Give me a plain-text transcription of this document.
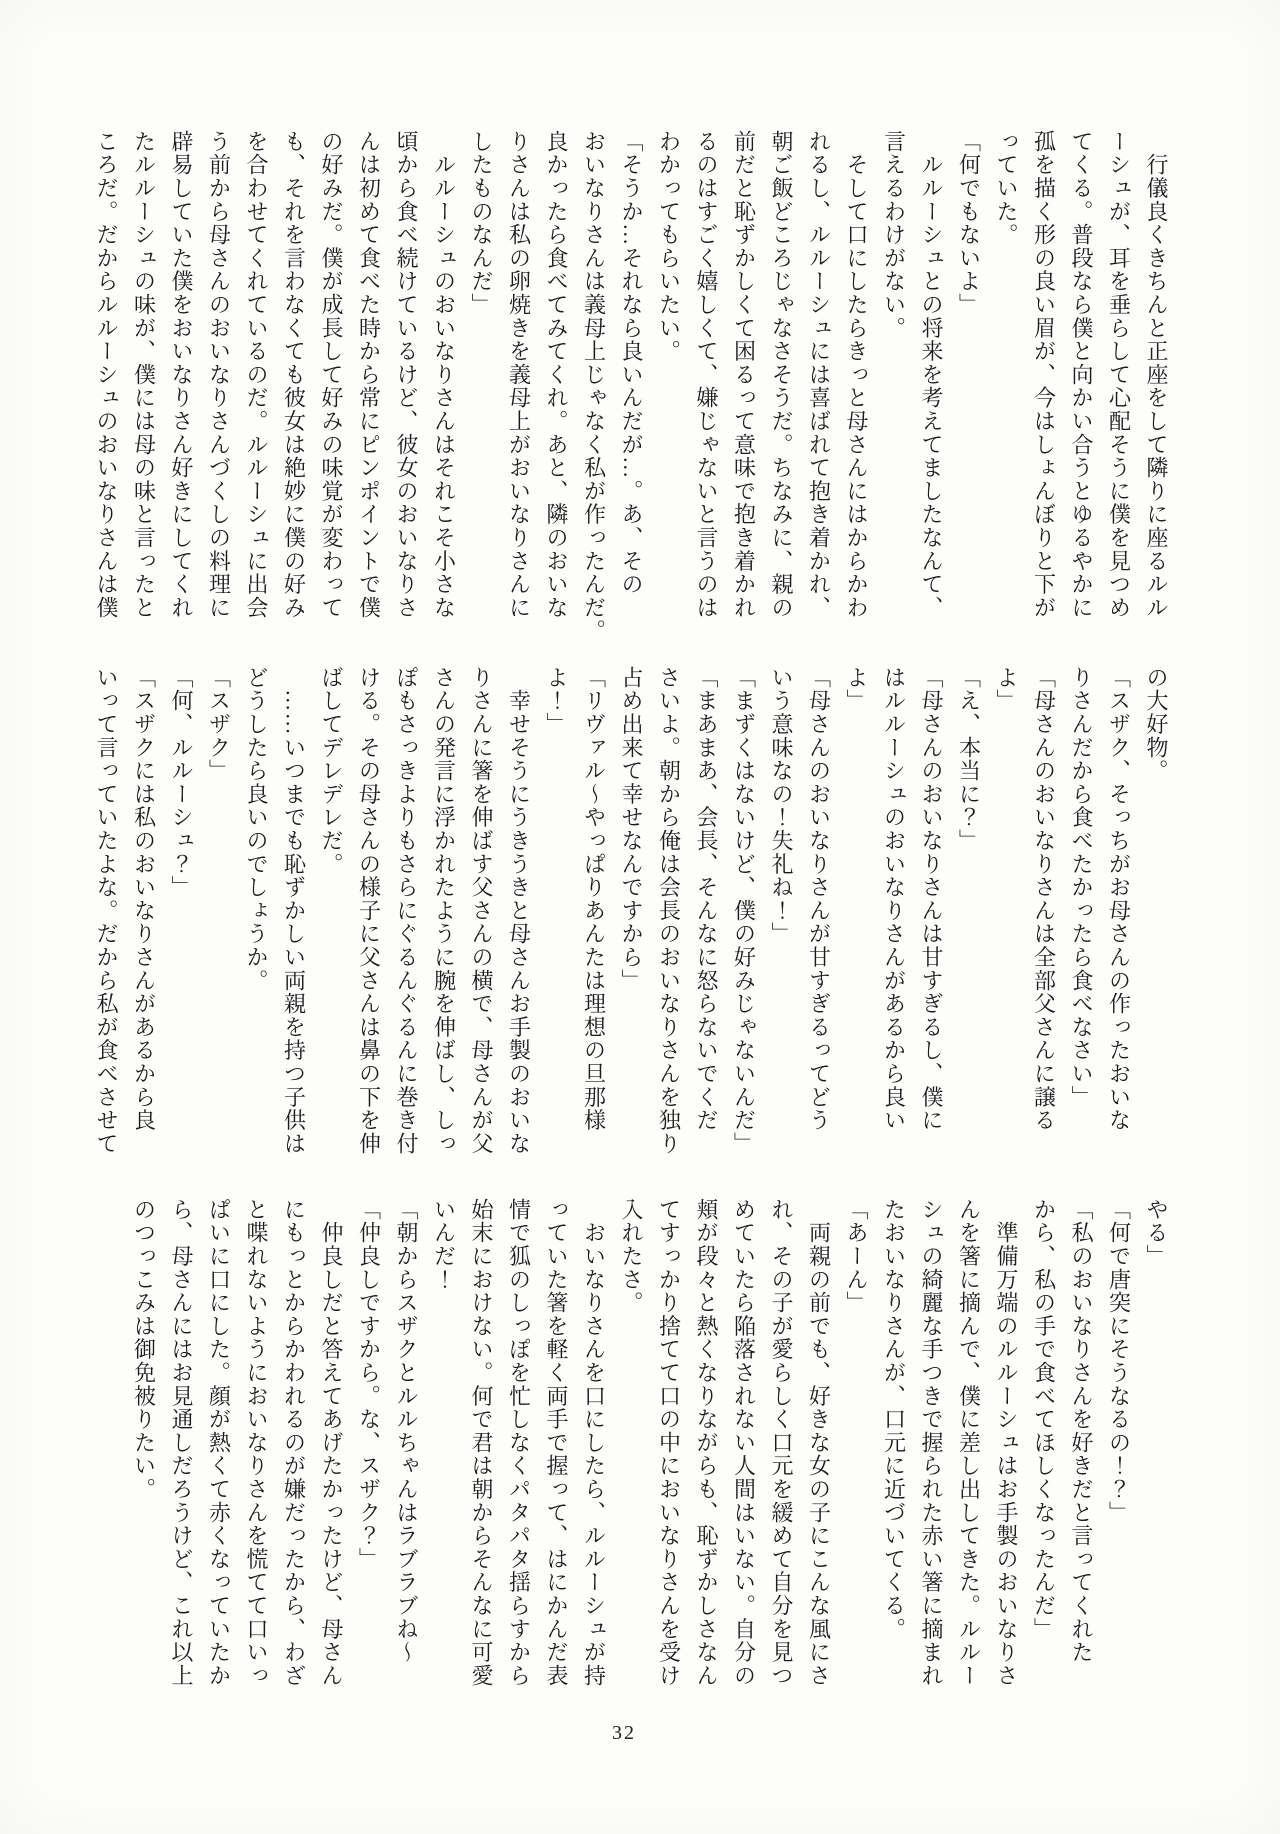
　行儀良くきちんと正座をして隣りに座るルル

ーシュが、耳を垂らして心配そうに僕を見つめ

てくる。普段なら僕と向かい合うとゆるやかに

孤を描く形の良い眉が、今はしょんぼりと下が

っていた。

「何でもないよ」

　ルルーシュとの将来を考えてましたなんて、

言えるわけがない。

　そして口にしたらきっと母さんにはからかわ

れるし、ルルーシュには喜ばれて抱き着かれ、

朝ご飯どころじゃなさそうだ。ちなみに、親の

前だと恥ずかしくて困るって意味で抱き着かれ

るのはすごく嬉しくて、嫌じゃないと言うのは

わかってもらいたい。

「そうか…それなら良いんだが…。あ、その

おいなりさんは義母上じゃなく私が作ったんだ。

良かったら食べてみてくれ。あと、隣のおいな

りさんは私の卵焼きを義母上がおいなりさんに

したものなんだ」

　ルルーシュのおいなりさんはそれこそ小さな

頃から食べ続けているけど、彼女のおいなりさ

んは初めて食べた時から常にピンポイントで僕

の好みだ。僕が成長して好みの味覚が変わって

も、それを言わなくても彼女は絶妙に僕の好み

を合わせてくれているのだ。ルルーシュに出会

う前から母さんのおいなりさんづくしの料理に

辟易していた僕をおいなりさん好きにしてくれ

たルルーシュの味が、僕には母の味と言ったと

ころだ。だからルルーシュのおいなりさんは僕

の大好物。

「スザク、そっちがお母さんの作ったおいな

りさんだから食べたかったら食べなさい」

「母さんのおいなりさんは全部父さんに譲る

よ」

「え、本当に？」

「母さんのおいなりさんは甘すぎるし、僕に

はルルーシュのおいなりさんがあるから良い

よ」

「母さんのおいなりさんが甘すぎるってどう

いう意味なの！失礼ね！」

「まずくはないけど、僕の好みじゃないんだ」

「まあまあ、会長、そんなに怒らないでくだ

さいよ。朝から俺は会長のおいなりさんを独り

占め出来て幸せなんですから」

「リヴァル～やっぱりあんたは理想の旦那様

よ！」

　幸せそうにうきうきと母さんお手製のおいな

りさんに箸を伸ばす父さんの横で、母さんが父

さんの発言に浮かれたように腕を伸ばし、しっ

ぽもさっきよりもさらにぐるんぐるんに巻き付

ける。その母さんの様子に父さんは鼻の下を伸

ばしてデレデレだ。

　……いつまでも恥ずかしい両親を持つ子供は

どうしたら良いのでしょうか。

「スザク」

「何、ルルーシュ？」

「スザクには私のおいなりさんがあるから良

いって言っていたよな。だから私が食べさせて

やる」

「何で唐突にそうなるの！？」

「私のおいなりさんを好きだと言ってくれた

から、私の手で食べてほしくなったんだ」

　準備万端のルルーシュはお手製のおいなりさ

んを箸に摘んで、僕に差し出してきた。ルルー

シュの綺麗な手つきで握られた赤い箸に摘まれ

たおいなりさんが、口元に近づいてくる。

「あーん」

　両親の前でも、好きな女の子にこんな風にさ

れ、その子が愛らしく口元を緩めて自分を見つ

めていたら陥落されない人間はいない。自分の

頬が段々と熱くなりながらも、恥ずかしさなん

てすっかり捨てて口の中においなりさんを受け

入れたさ。

　おいなりさんを口にしたら、ルルーシュが持

っていた箸を軽く両手で握って、はにかんだ表

情で狐のしっぽを忙しなくパタパタ揺らすから

始末におけない。何で君は朝からそんなに可愛

いんだ！

「朝からスザクとルルちゃんはラブラブね～

「仲良しですから。な、スザク？」

　仲良しだと答えてあげたかったけど、母さん

にもっとからかわれるのが嫌だったから、わざ

と喋れないようにおいなりさんを慌てて口いっ

ぱいに口にした。顔が熱くて赤くなっていたか

ら、母さんにはお見通しだろうけど、これ以上

のつっこみは御免被りたい。

32
